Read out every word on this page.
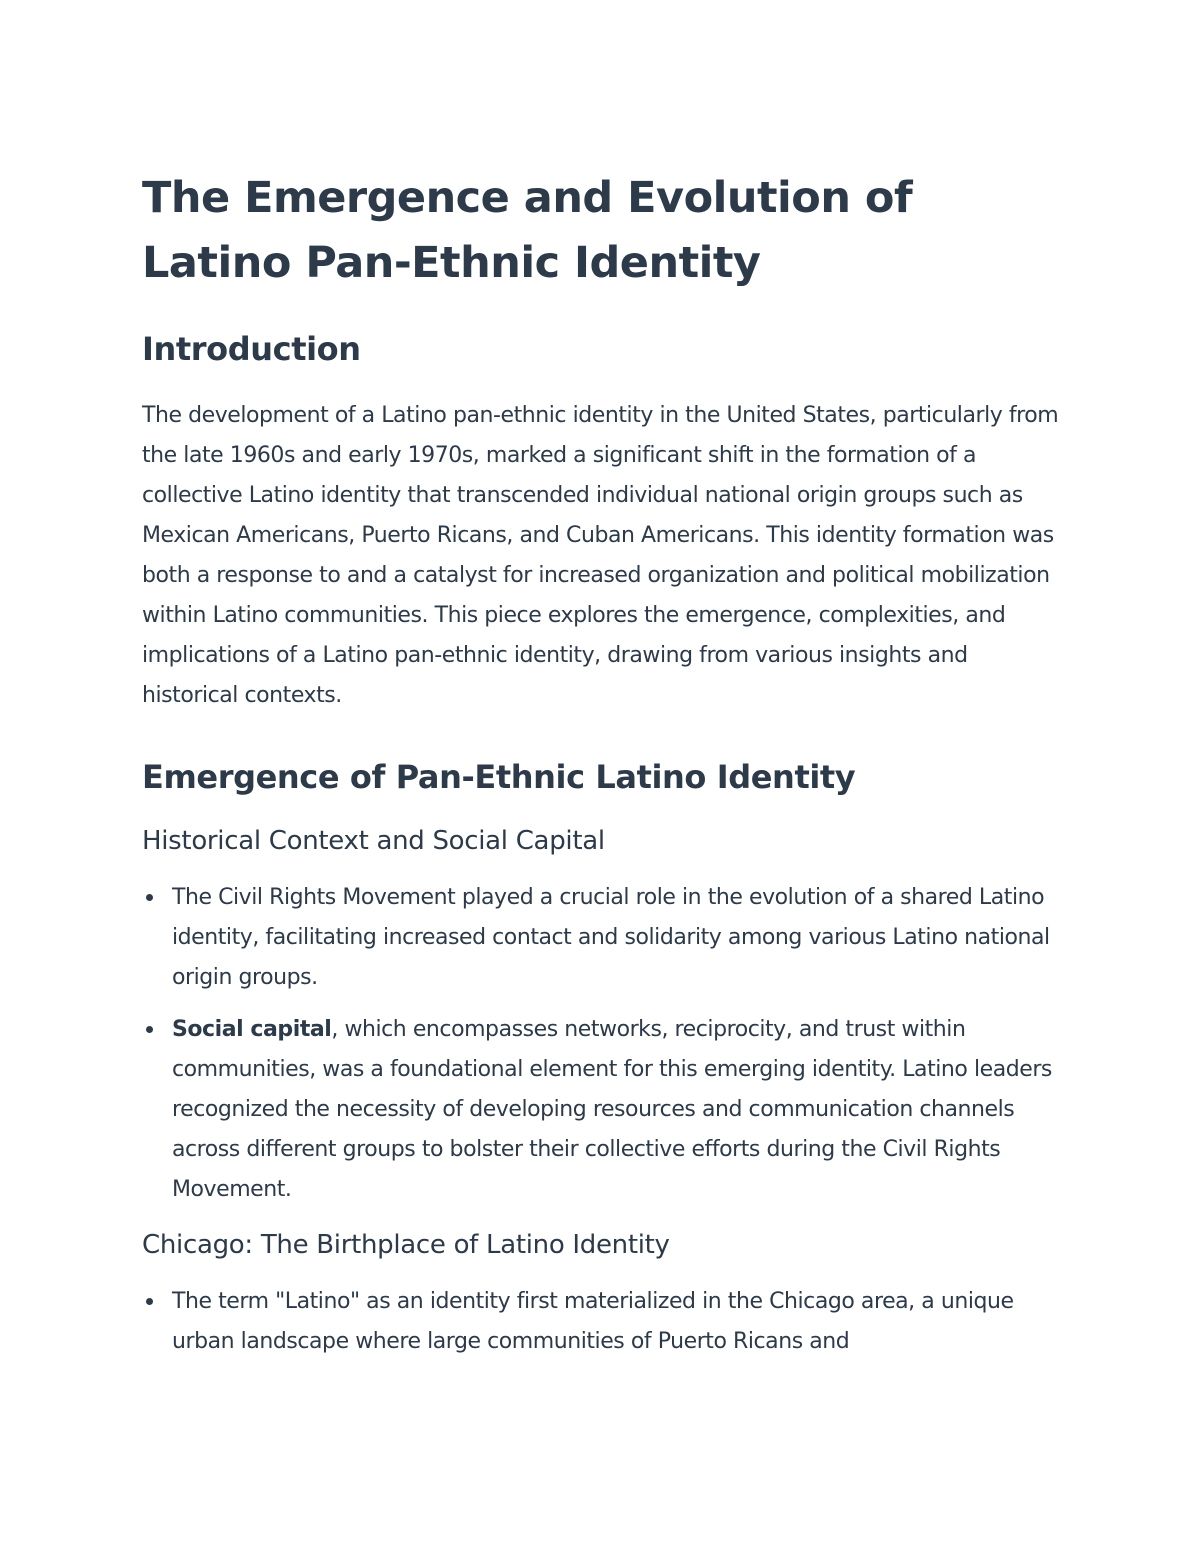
The Emergence and Evolution of Latino Pan-Ethnic Identity
Introduction

The development of a Latino pan-ethnic identity in the United States, particularly from the late 1960s and early 1970s, marked a significant shift in the formation of a collective Latino identity that transcended individual national origin groups such as Mexican Americans, Puerto Ricans, and Cuban Americans. This identity formation was both a response to and a catalyst for increased organization and political mobilization within Latino communities. This piece explores the emergence, complexities, and implications of a Latino pan-ethnic identity, drawing from various insights and historical contexts.

Emergence of Pan-Ethnic Latino Identity
Historical Context and Social Capital
The Civil Rights Movement played a crucial role in the evolution of a shared Latino identity, facilitating increased contact and solidarity among various Latino national origin groups.
Social capital, which encompasses networks, reciprocity, and trust within communities, was a foundational element for this emerging identity. Latino leaders recognized the necessity of developing resources and communication channels across different groups to bolster their collective efforts during the Civil Rights Movement.
Chicago: The Birthplace of Latino Identity
The term "Latino" as an identity first materialized in the Chicago area, a unique urban landscape where large communities of Puerto Ricans and
